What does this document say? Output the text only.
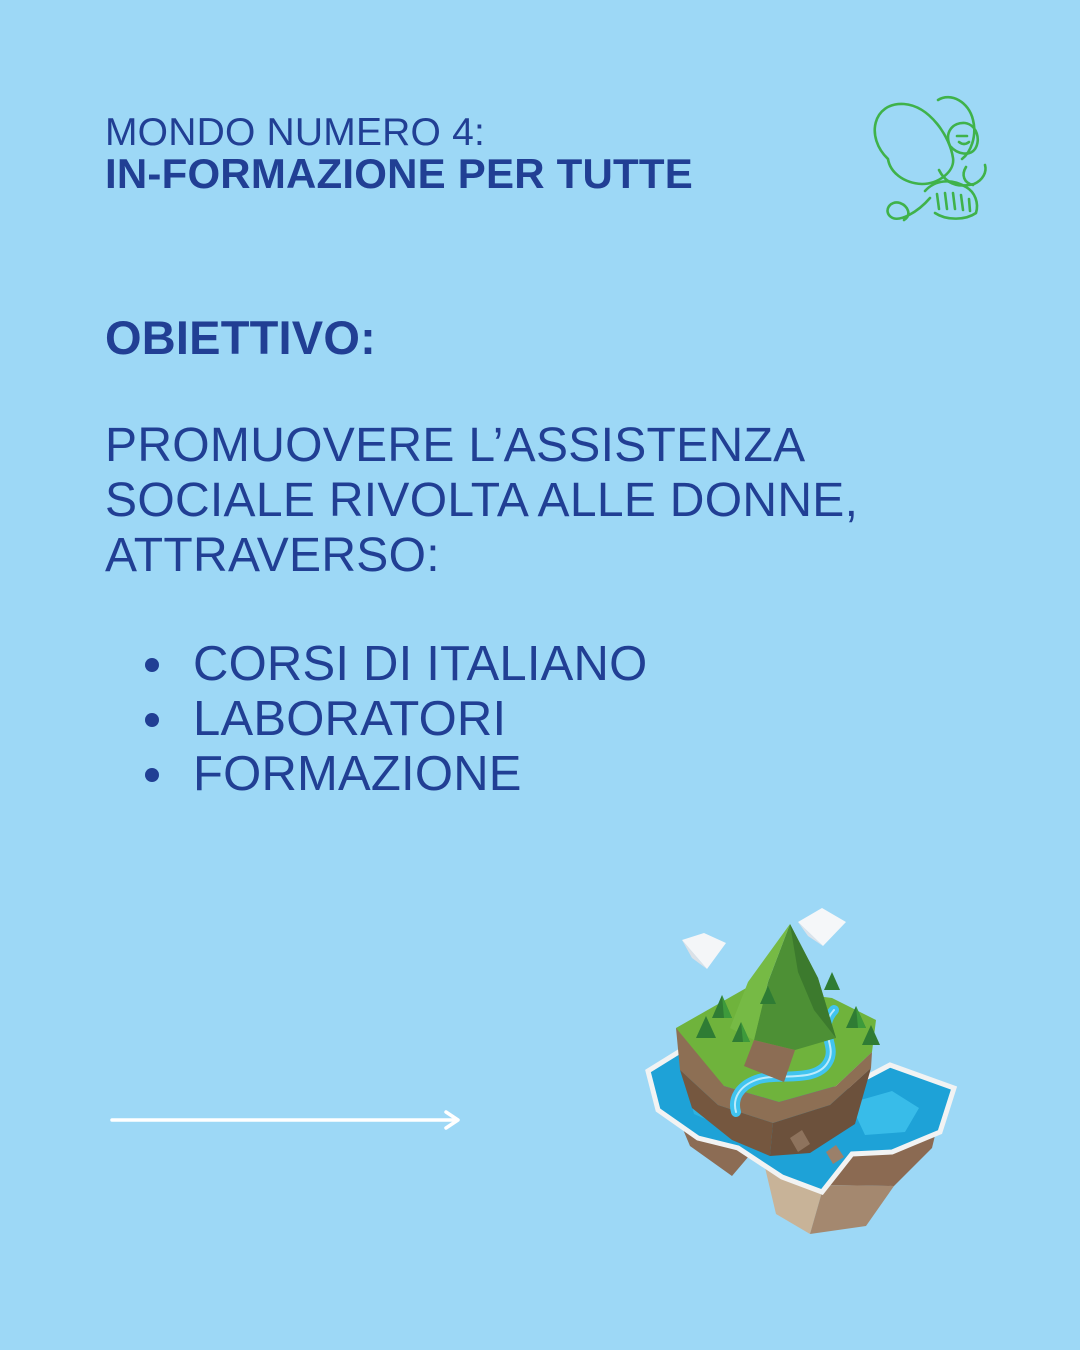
MONDO NUMERO 4:
IN-FORMAZIONE PER TUTTE
OBIETTIVO:
PROMUOVERE L’ASSISTENZA
SOCIALE RIVOLTA ALLE DONNE,
ATTRAVERSO:
CORSI DI ITALIANO
LABORATORI
FORMAZIONE
